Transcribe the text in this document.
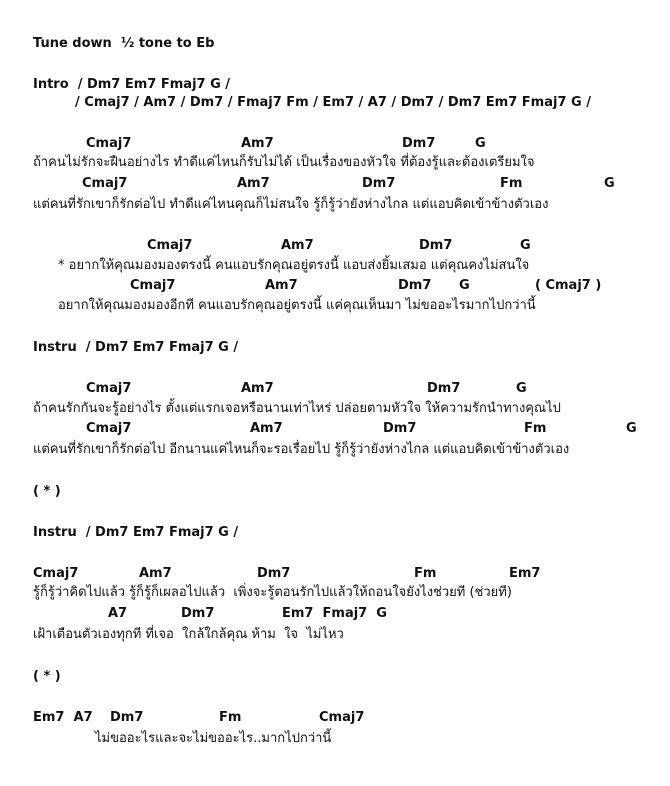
Tune down  ½ tone to Eb
Intro  / Dm7 Em7 Fmaj7 G /
/ Cmaj7 / Am7 / Dm7 / Fmaj7 Fm / Em7 / A7 / Dm7 / Dm7 Em7 Fmaj7 G /
Cmaj7	Am7	Dm7	G
ถ้าคนไม่รักจะฝืนอย่างไร ทำดีแค่ไหนก็รับไม่ได้ เป็นเรื่องของหัวใจ ที่ต้องรู้และต้องเตรียมใจ
Cmaj7	Am7	Dm7	Fm	G
แต่คนที่รักเขาก็รักต่อไป ทำดีแค่ไหนคุณก็ไม่สนใจ รู้ก็รู้ว่ายังห่างไกล แต่แอบคิดเข้าข้างตัวเอง
Cmaj7	Am7	Dm7	G
* อยากให้คุณมองมองตรงนี้ คนแอบรักคุณอยู่ตรงนี้ แอบส่งยิ้มเสมอ แต่คุณคงไม่สนใจ
Cmaj7	Am7	Dm7 G	( Cmaj7 )
อยากให้คุณมองมองอีกที คนแอบรักคุณอยู่ตรงนี้ แค่คุณเห็นมา ไม่ขออะไรมากไปกว่านี้
Instru  / Dm7 Em7 Fmaj7 G /
Cmaj7	Am7	Dm7	G
ถ้าคนรักกันจะรู้อย่างไร ตั้งแต่แรกเจอหรือนานเท่าไหร่ ปล่อยตามหัวใจ ให้ความรักนำทางคุณไป
Cmaj7	Am7	Dm7	Fm	G
แต่คนที่รักเขาก็รักต่อไป อีกนานแค่ไหนก็จะรอเรื่อยไป รู้ก็รู้ว่ายังห่างไกล แต่แอบคิดเข้าข้างตัวเอง
( * )
Instru  / Dm7 Em7 Fmaj7 G /
Cmaj7	Am7	Dm7	Fm	Em7
รู้ก็รู้ว่าคิดไปแล้ว รู้ก็รู้ก็เผลอไปแล้ว  เพิ่งจะรู้ตอนรักไปแล้วให้ถอนใจยังไงช่วยที (ช่วยที)
A7	Dm7	Em7  Fmaj7  G
เฝ้าเตือนตัวเองทุกที ที่เจอ  ใกล้ใกล้คุณ ห้าม  ใจ  ไม่ไหว
( * )
Em7  A7 Dm7	Fm	Cmaj7
ไม่ขออะไรและจะไม่ขออะไร..มากไปกว่านี้
